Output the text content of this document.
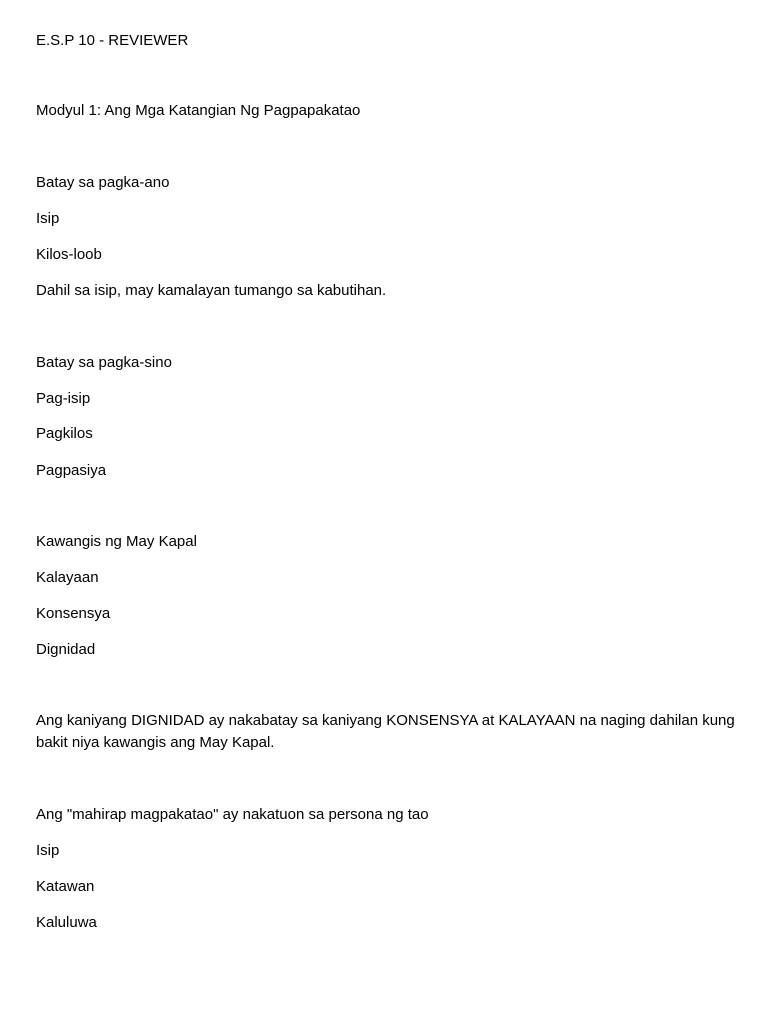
E.S.P 10 - REVIEWER

Modyul 1: Ang Mga Katangian Ng Pagpapakatao

Batay sa pagka-ano

Isip

Kilos-loob

Dahil sa isip, may kamalayan tumango sa kabutihan.

Batay sa pagka-sino

Pag-isip

Pagkilos

Pagpasiya

Kawangis ng May Kapal

Kalayaan

Konsensya

Dignidad

Ang kaniyang DIGNIDAD ay nakabatay sa kaniyang KONSENSYA at KALAYAAN na naging dahilan kung bakit niya kawangis ang May Kapal.

Ang "mahirap magpakatao" ay nakatuon sa persona ng tao

Isip

Katawan

Kaluluwa
